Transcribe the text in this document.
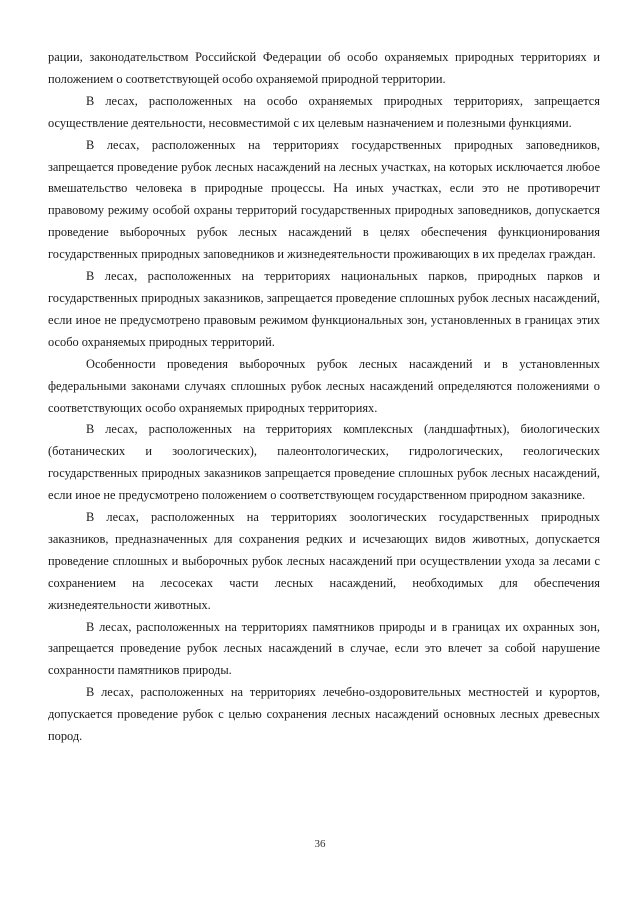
рации, законодательством Российской Федерации об особо охраняемых природных территориях и положением о соответствующей особо охраняемой природной территории.

В лесах, расположенных на особо охраняемых природных территориях, запрещается осуществление деятельности, несовместимой с их целевым назначением и полезными функциями.

В лесах, расположенных на территориях государственных природных заповедников, запрещается проведение рубок лесных насаждений на лесных участках, на которых исключается любое вмешательство человека в природные процессы. На иных участках, если это не противоречит правовому режиму особой охраны территорий государственных природных заповедников, допускается проведение выборочных рубок лесных насаждений в целях обеспечения функционирования государственных природных заповедников и жизнедеятельности проживающих в их пределах граждан.

В лесах, расположенных на территориях национальных парков, природных парков и государственных природных заказников, запрещается проведение сплошных рубок лесных насаждений, если иное не предусмотрено правовым режимом функциональных зон, установленных в границах этих особо охраняемых природных территорий.

Особенности проведения выборочных рубок лесных насаждений и в установленных федеральными законами случаях сплошных рубок лесных насаждений определяются положениями о соответствующих особо охраняемых природных территориях.

В лесах, расположенных на территориях комплексных (ландшафтных), биологических (ботанических и зоологических), палеонтологических, гидрологических, геологических государственных природных заказников запрещается проведение сплошных рубок лесных насаждений, если иное не предусмотрено положением о соответствующем государственном природном заказнике.

В лесах, расположенных на территориях зоологических государственных природных заказников, предназначенных для сохранения редких и исчезающих видов животных, допускается проведение сплошных и выборочных рубок лесных насаждений при осуществлении ухода за лесами с сохранением на лесосеках части лесных насаждений, необходимых для обеспечения жизнедеятельности животных.

В лесах, расположенных на территориях памятников природы и в границах их охранных зон, запрещается проведение рубок лесных насаждений в случае, если это влечет за собой нарушение сохранности памятников природы.

В лесах, расположенных на территориях лечебно-оздоровительных местностей и курортов, допускается проведение рубок с целью сохранения лесных насаждений основных лесных древесных пород.

36
